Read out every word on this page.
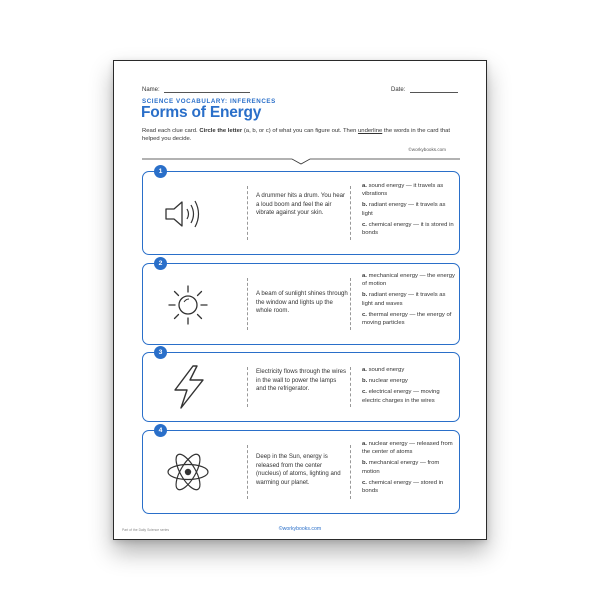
Name:	Date:
SCIENCE VOCABULARY: INFERENCES
Forms of Energy
Read each clue card. Circle the letter (a, b, or c) of what you can figure out. Then underline the words in the card that helped you decide.
©workybooks.com
1
A drummer hits a drum. You hear a loud boom and feel the air vibrate against your skin.
a. sound energy — it travels as vibrations
b. radiant energy — it travels as light
c. chemical energy — it is stored in bonds
2
A beam of sunlight shines through the window and lights up the whole room.
a. mechanical energy — the energy of motion
b. radiant energy — it travels as light and waves
c. thermal energy — the energy of moving particles
3
Electricity flows through the wires in the wall to power the lamps and the refrigerator.
a. sound energy
b. nuclear energy
c. electrical energy — moving electric charges in the wires
4
Deep in the Sun, energy is released from the center (nucleus) of atoms, lighting and warming our planet.
a. nuclear energy — released from the center of atoms
b. mechanical energy — from motion
c. chemical energy — stored in bonds
Part of the Daily Science series	©workybooks.com
